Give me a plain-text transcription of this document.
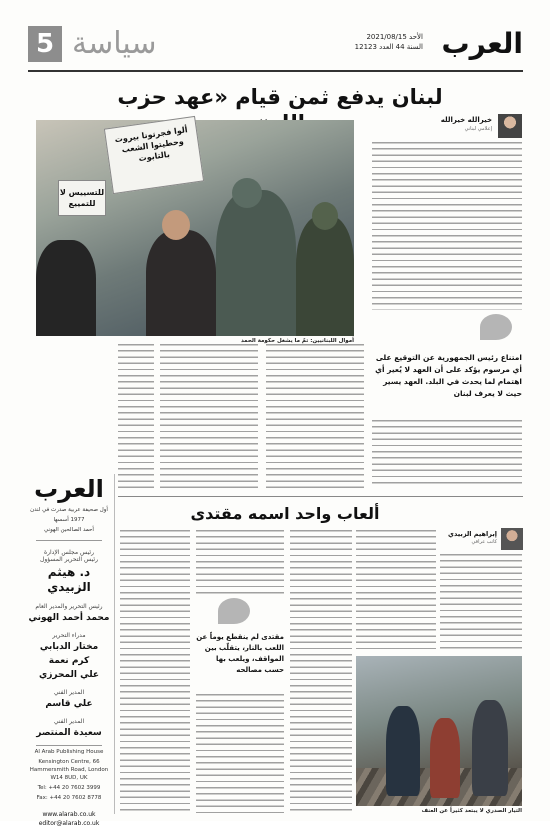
5 سياسة	الأحد 2021/08/15
السنة 44 العدد 12123 العرب
لبنان يدفع ثمن قيام «عهد حزب
ألوا فجرتونا بيروت وحطيتوا الشعب بالتابوت
للتسييس لا للتمييع
أموال اللبنانيين: تمّ ما يشغل حكومة الحمد
خيرالله خيرالله
إعلامي لبناني
امتناع رئيس الجمهورية عن التوقيع على أي مرسوم يؤكد على أن العهد لا يُعير أي اهتمام لما يحدث في البلد. العهد يسير حيث لا يعرف لبنان
العرب
أول صحيفة عربية صدرت في لندن
1977 أسسها
أحمد الصالحين الهوني
رئيس مجلس الإدارة
رئيس التحرير المسؤول
د. هيثم الزبيدي
رئيس التحرير والمدير العام
محمد أحمد الهوني
مدراء التحرير
مختار الدبابي
كرم نعمة
علي المحرزي
المدير الفني
علي قاسم
المدير الفني
سعيدة المنتصر
Al Arab Publishing House
Kensington Centre, 66 Hammersmith Road, London W14 8UD, UK
Tel: +44 20 7602 3999
Fax: +44 20 7602 8778
www.alarab.co.uk
editor@alarab.co.uk
ألعاب واحد اسمه مقتدى
إبراهيم الزبيدي
كاتب عراقي
مقتدى لم ينقطع يوماً عن اللعب بالنار، يتقلّب بين المواقف، ويلعب بها حسب مصالحه
التيار الصدري لا يبتعد كثيراً عن العنف
